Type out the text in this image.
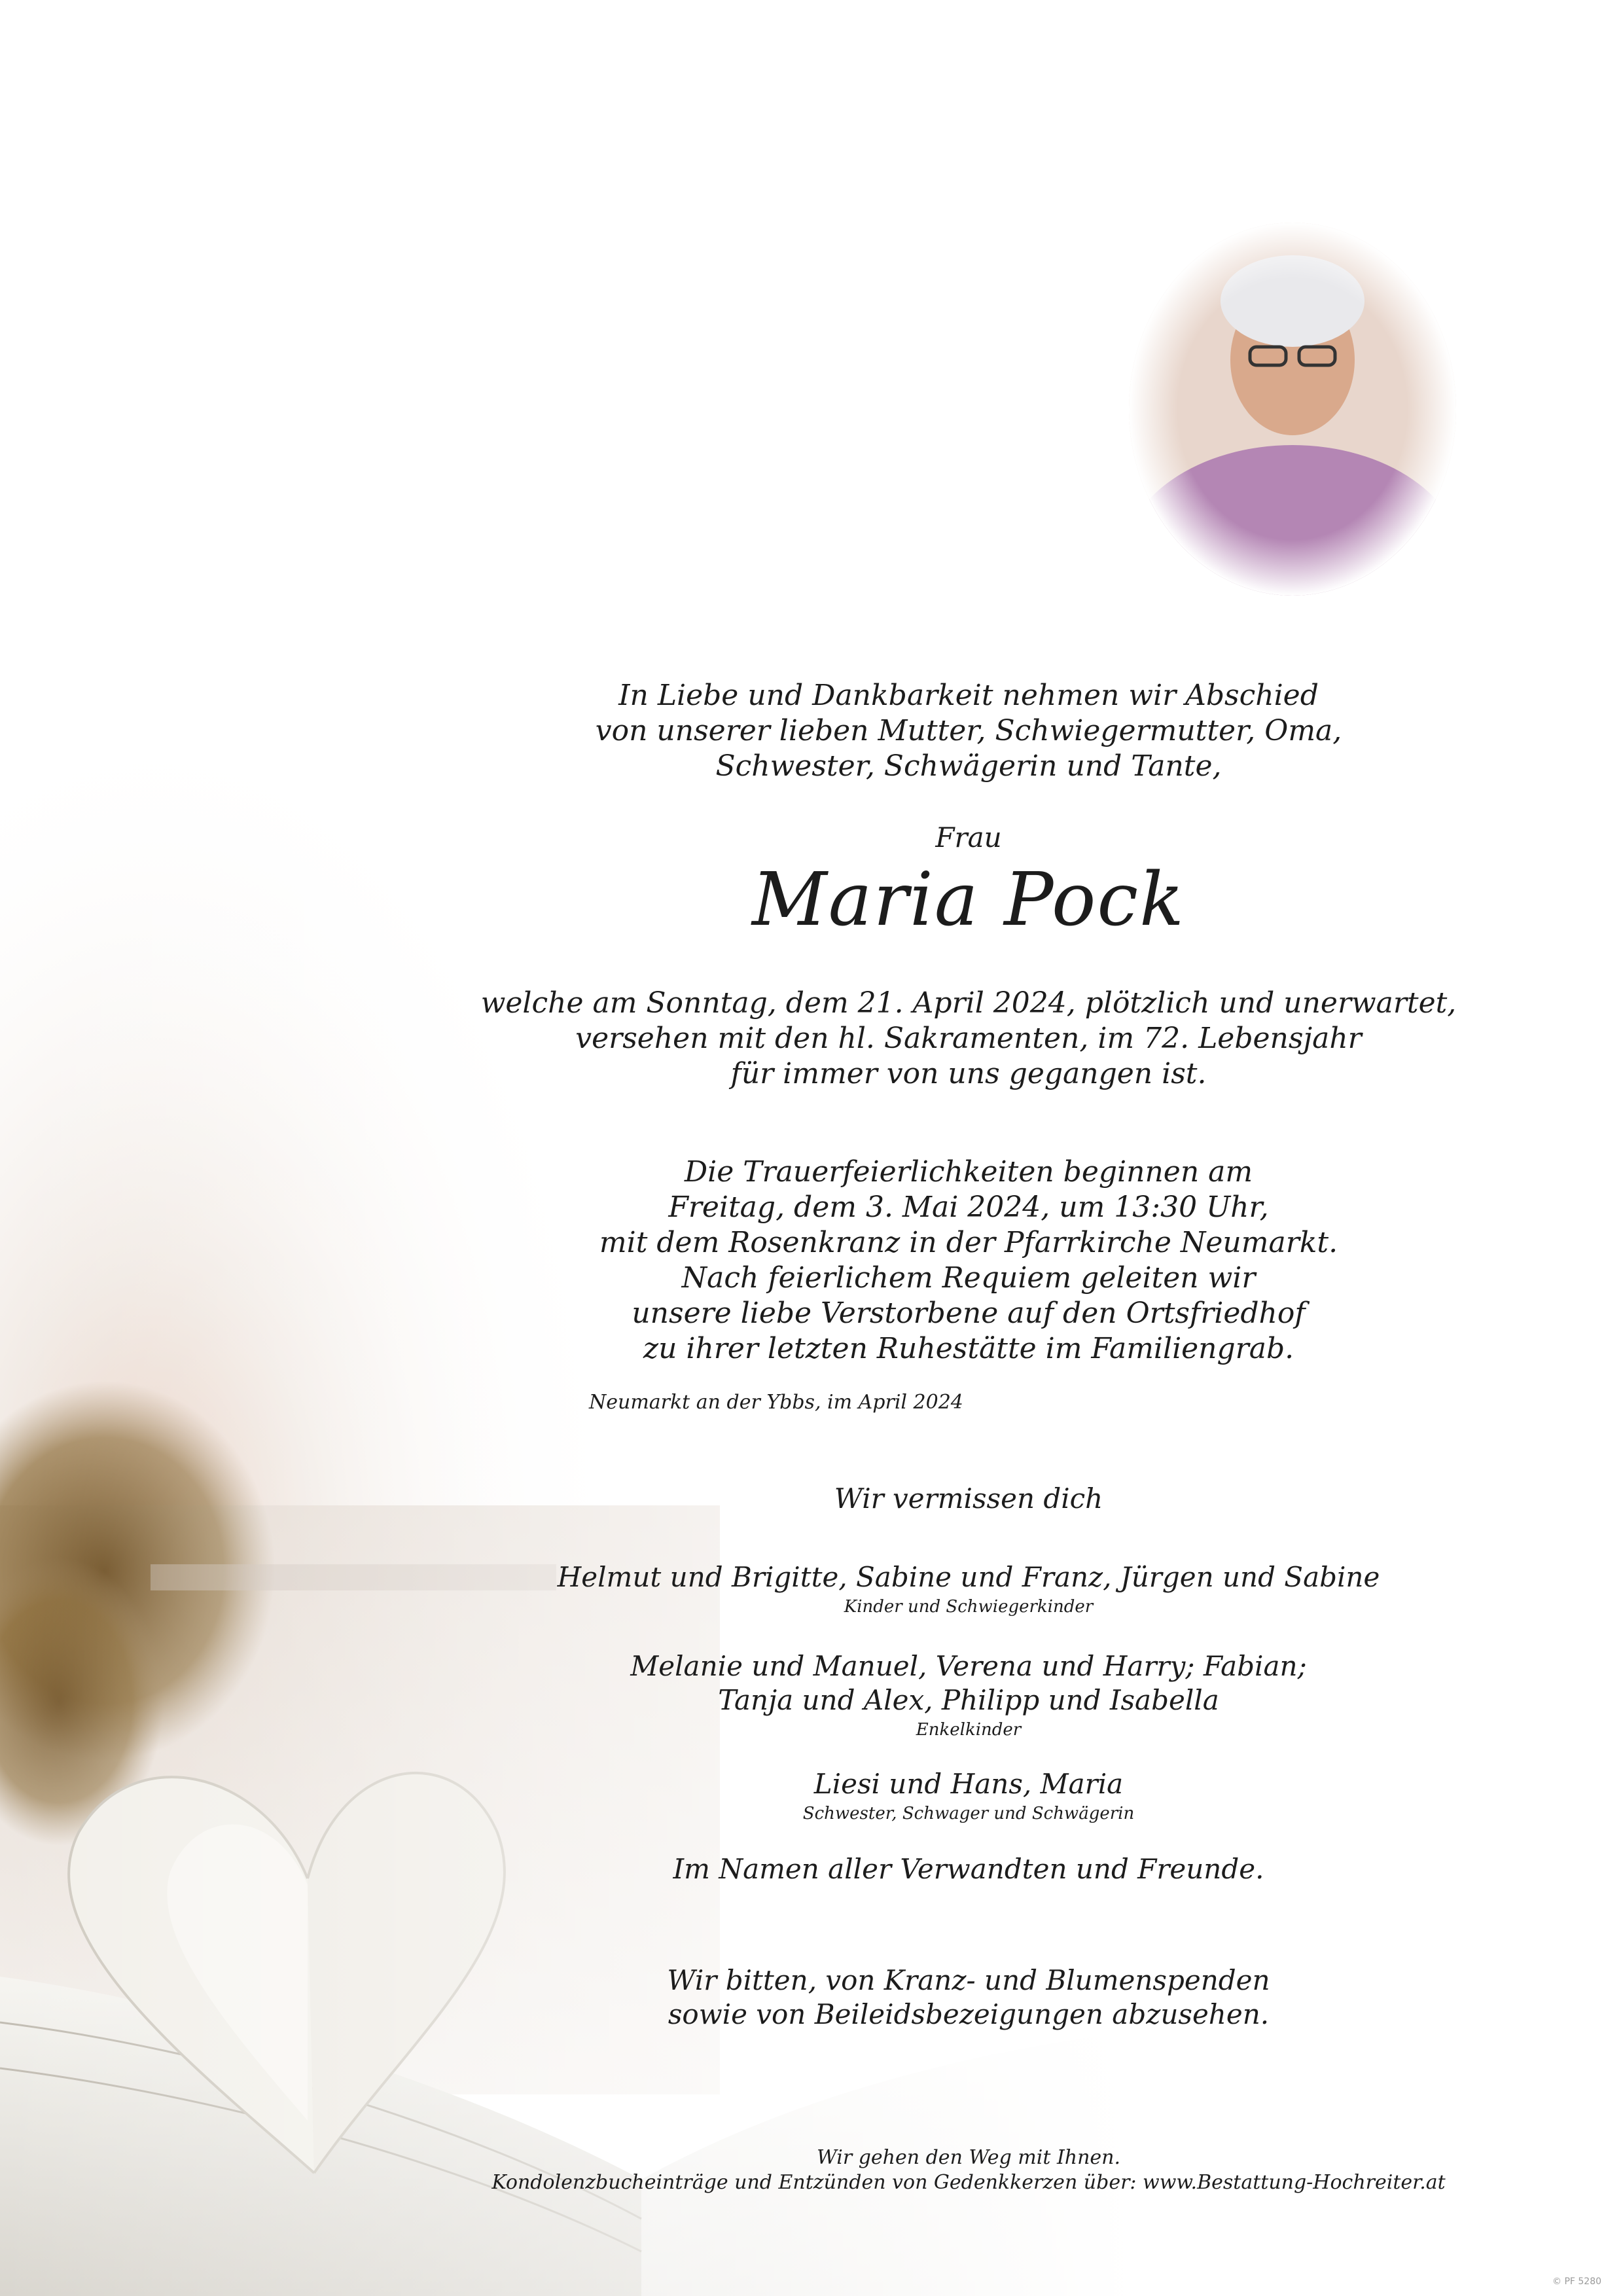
In Liebe und Dankbarkeit nehmen wir Abschied
von unserer lieben Mutter, Schwiegermutter, Oma,
Schwester, Schwägerin und Tante,
Frau
Maria Pock
welche am Sonntag, dem 21. April 2024, plötzlich und unerwartet,
versehen mit den hl. Sakramenten, im 72. Lebensjahr
für immer von uns gegangen ist.
Die Trauerfeierlichkeiten beginnen am
Freitag, dem 3. Mai 2024, um 13:30 Uhr,
mit dem Rosenkranz in der Pfarrkirche Neumarkt.
Nach feierlichem Requiem geleiten wir
unsere liebe Verstorbene auf den Ortsfriedhof
zu ihrer letzten Ruhestätte im Familiengrab.
Neumarkt an der Ybbs, im April 2024
Wir vermissen dich
Helmut und Brigitte, Sabine und Franz, Jürgen und Sabine
Kinder und Schwiegerkinder
Melanie und Manuel, Verena und Harry; Fabian;
Tanja und Alex, Philipp und Isabella
Enkelkinder
Liesi und Hans, Maria
Schwester, Schwager und Schwägerin
Im Namen aller Verwandten und Freunde.
Wir bitten, von Kranz- und Blumenspenden
sowie von Beileidsbezeigungen abzusehen.
Wir gehen den Weg mit Ihnen.
Kondolenzbucheinträge und Entzünden von Gedenkkerzen über: www.Bestattung-Hochreiter.at
© PF 5280
